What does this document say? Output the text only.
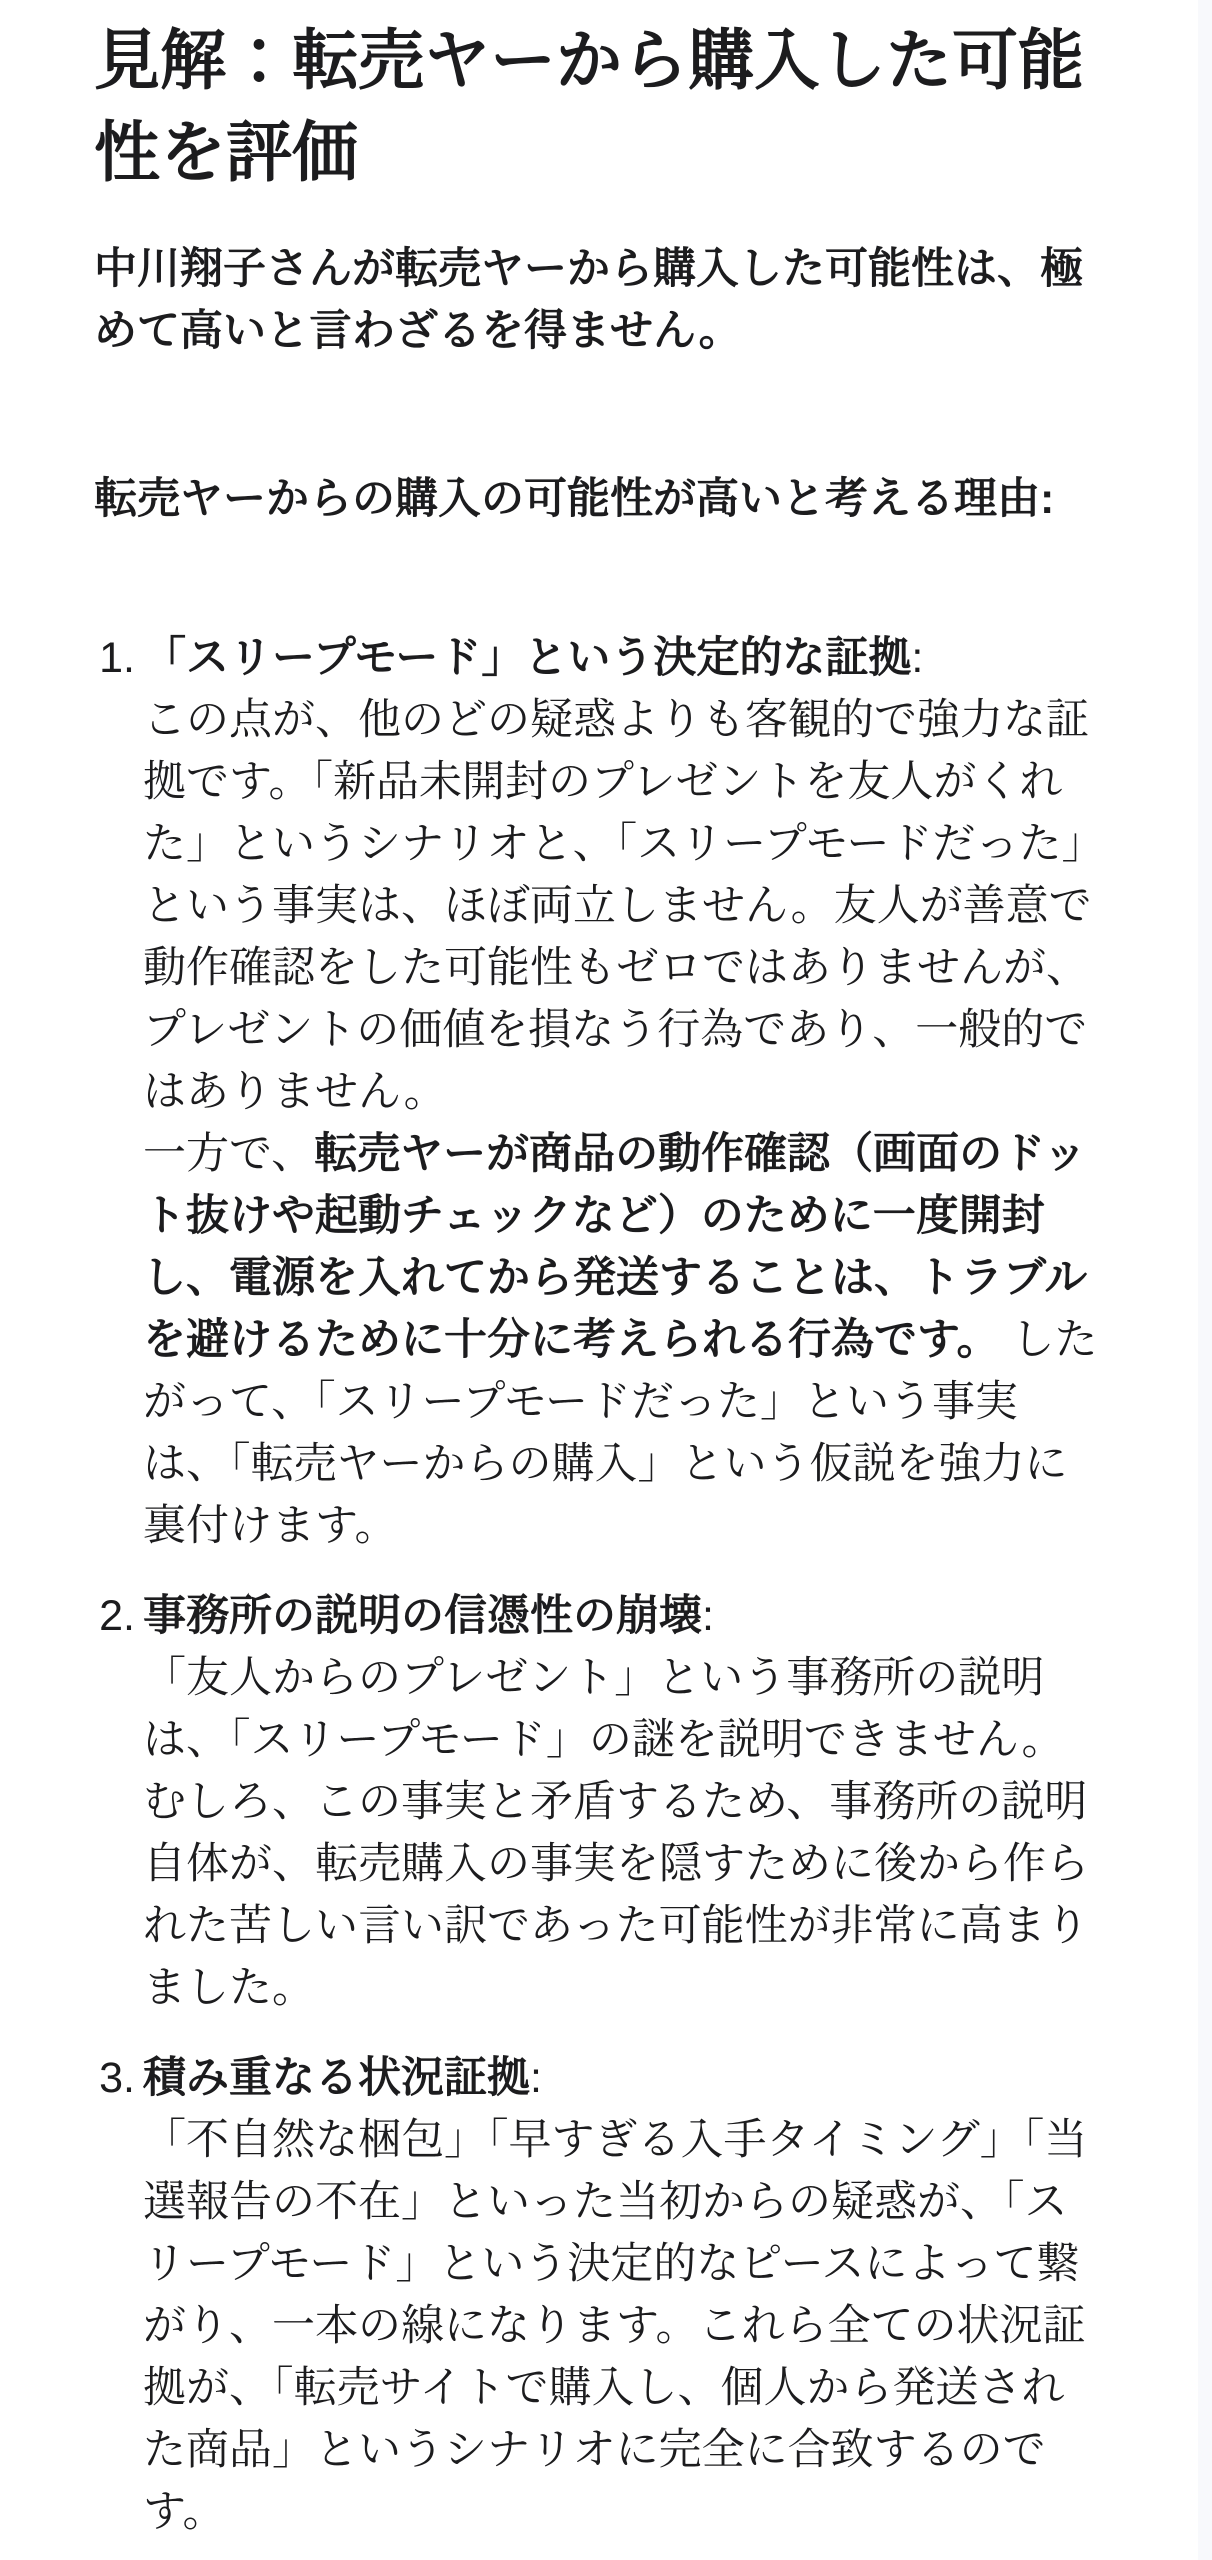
見解：転売ヤーから購入した可能性を評価

中川翔子さんが転売ヤーから購入した可能性は、極めて高いと言わざるを得ません。

転売ヤーからの購入の可能性が高いと考える理由:

1. 「スリープモード」という決定的な証拠:
この点が、他のどの疑惑よりも客観的で強力な証拠です。「新品未開封のプレゼントを友人がくれた」というシナリオと、「スリープモードだった」という事実は、ほぼ両立しません。友人が善意で動作確認をした可能性もゼロではありませんが、プレゼントの価値を損なう行為であり、一般的ではありません。
一方で、転売ヤーが商品の動作確認（画面のドット抜けや起動チェックなど）のために一度開封し、電源を入れてから発送することは、トラブルを避けるために十分に考えられる行為です。 したがって、「スリープモードだった」という事実は、「転売ヤーからの購入」という仮説を強力に裏付けます。
2. 事務所の説明の信憑性の崩壊:
「友人からのプレゼント」という事務所の説明は、「スリープモード」の謎を説明できません。むしろ、この事実と矛盾するため、事務所の説明自体が、転売購入の事実を隠すために後から作られた苦しい言い訳であった可能性が非常に高まりました。
3. 積み重なる状況証拠:
「不自然な梱包」「早すぎる入手タイミング」「当選報告の不在」といった当初からの疑惑が、「スリープモード」という決定的なピースによって繋がり、一本の線になります。これら全ての状況証拠が、「転売サイトで購入し、個人から発送された商品」というシナリオに完全に合致するのです。
